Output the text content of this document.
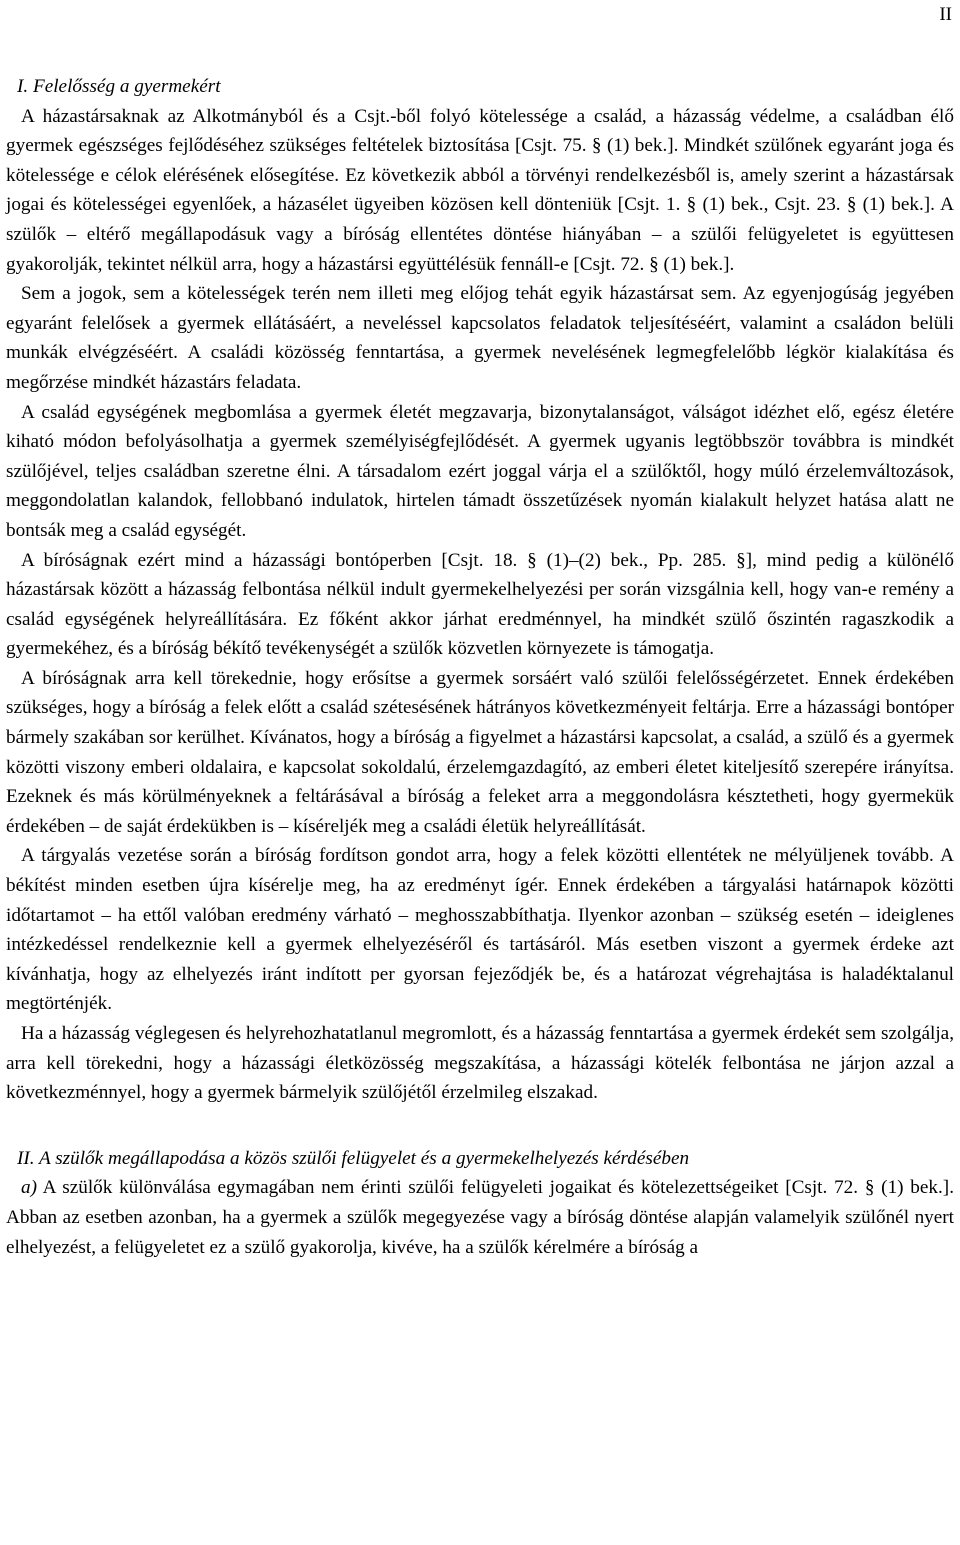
II

I. Felelősség a gyermekért

A házastársaknak az Alkotmányból és a Csjt.-ből folyó kötelessége a család, a házasság védelme, a családban élő gyermek egészséges fejlődéséhez szükséges feltételek biztosítása [Csjt. 75. § (1) bek.]. Mindkét szülőnek egyaránt joga és kötelessége e célok elérésének elősegítése. Ez következik abból a törvényi rendelkezésből is, amely szerint a házastársak jogai és kötelességei egyenlőek, a házasélet ügyeiben közösen kell dönteniük [Csjt. 1. § (1) bek., Csjt. 23. § (1) bek.]. A szülők – eltérő megállapodásuk vagy a bíróság ellentétes döntése hiányában – a szülői felügyeletet is együttesen gyakorolják, tekintet nélkül arra, hogy a házastársi együttélésük fennáll-e [Csjt. 72. § (1) bek.].

Sem a jogok, sem a kötelességek terén nem illeti meg előjog tehát egyik házastársat sem. Az egyenjogúság jegyében egyaránt felelősek a gyermek ellátásáért, a neveléssel kapcsolatos feladatok teljesítéséért, valamint a családon belüli munkák elvégzéséért. A családi közösség fenntartása, a gyermek nevelésének legmegfelelőbb légkör kialakítása és megőrzése mindkét házastárs feladata.

A család egységének megbomlása a gyermek életét megzavarja, bizonytalanságot, válságot idézhet elő, egész életére kiható módon befolyásolhatja a gyermek személyiségfejlődését. A gyermek ugyanis legtöbbször továbbra is mindkét szülőjével, teljes családban szeretne élni. A társadalom ezért joggal várja el a szülőktől, hogy múló érzelemváltozások, meggondolatlan kalandok, fellobbanó indulatok, hirtelen támadt összetűzések nyomán kialakult helyzet hatása alatt ne bontsák meg a család egységét.

A bíróságnak ezért mind a házassági bontóperben [Csjt. 18. § (1)–(2) bek., Pp. 285. §], mind pedig a különélő házastársak között a házasság felbontása nélkül indult gyermekelhelyezési per során vizsgálnia kell, hogy van-e remény a család egységének helyreállítására. Ez főként akkor járhat eredménnyel, ha mindkét szülő őszintén ragaszkodik a gyermekéhez, és a bíróság békítő tevékenységét a szülők közvetlen környezete is támogatja.

A bíróságnak arra kell törekednie, hogy erősítse a gyermek sorsáért való szülői felelősségérzetet. Ennek érdekében szükséges, hogy a bíróság a felek előtt a család szétesésének hátrányos következményeit feltárja. Erre a házassági bontóper bármely szakában sor kerülhet. Kívánatos, hogy a bíróság a figyelmet a házastársi kapcsolat, a család, a szülő és a gyermek közötti viszony emberi oldalaira, e kapcsolat sokoldalú, érzelemgazdagító, az emberi életet kiteljesítő szerepére irányítsa. Ezeknek és más körülményeknek a feltárásával a bíróság a feleket arra a meggondolásra késztetheti, hogy gyermekük érdekében – de saját érdekükben is – kíséreljék meg a családi életük helyreállítását.

A tárgyalás vezetése során a bíróság fordítson gondot arra, hogy a felek közötti ellentétek ne mélyüljenek tovább. A békítést minden esetben újra kísérelje meg, ha az eredményt ígér. Ennek érdekében a tárgyalási határnapok közötti időtartamot – ha ettől valóban eredmény várható – meghosszabbíthatja. Ilyenkor azonban – szükség esetén – ideiglenes intézkedéssel rendelkeznie kell a gyermek elhelyezéséről és tartásáról. Más esetben viszont a gyermek érdeke azt kívánhatja, hogy az elhelyezés iránt indított per gyorsan fejeződjék be, és a határozat végrehajtása is haladéktalanul megtörténjék.

Ha a házasság véglegesen és helyrehozhatatlanul megromlott, és a házasság fenntartása a gyermek érdekét sem szolgálja, arra kell törekedni, hogy a házassági életközösség megszakítása, a házassági kötelék felbontása ne járjon azzal a következménnyel, hogy a gyermek bármelyik szülőjétől érzelmileg elszakad.

II. A szülők megállapodása a közös szülői felügyelet és a gyermekelhelyezés kérdésében

a) A szülők különválása egymagában nem érinti szülői felügyeleti jogaikat és kötelezettségeiket [Csjt. 72. § (1) bek.]. Abban az esetben azonban, ha a gyermek a szülők megegyezése vagy a bíróság döntése alapján valamelyik szülőnél nyert elhelyezést, a felügyeletet ez a szülő gyakorolja, kivéve, ha a szülők kérelmére a bíróság a
